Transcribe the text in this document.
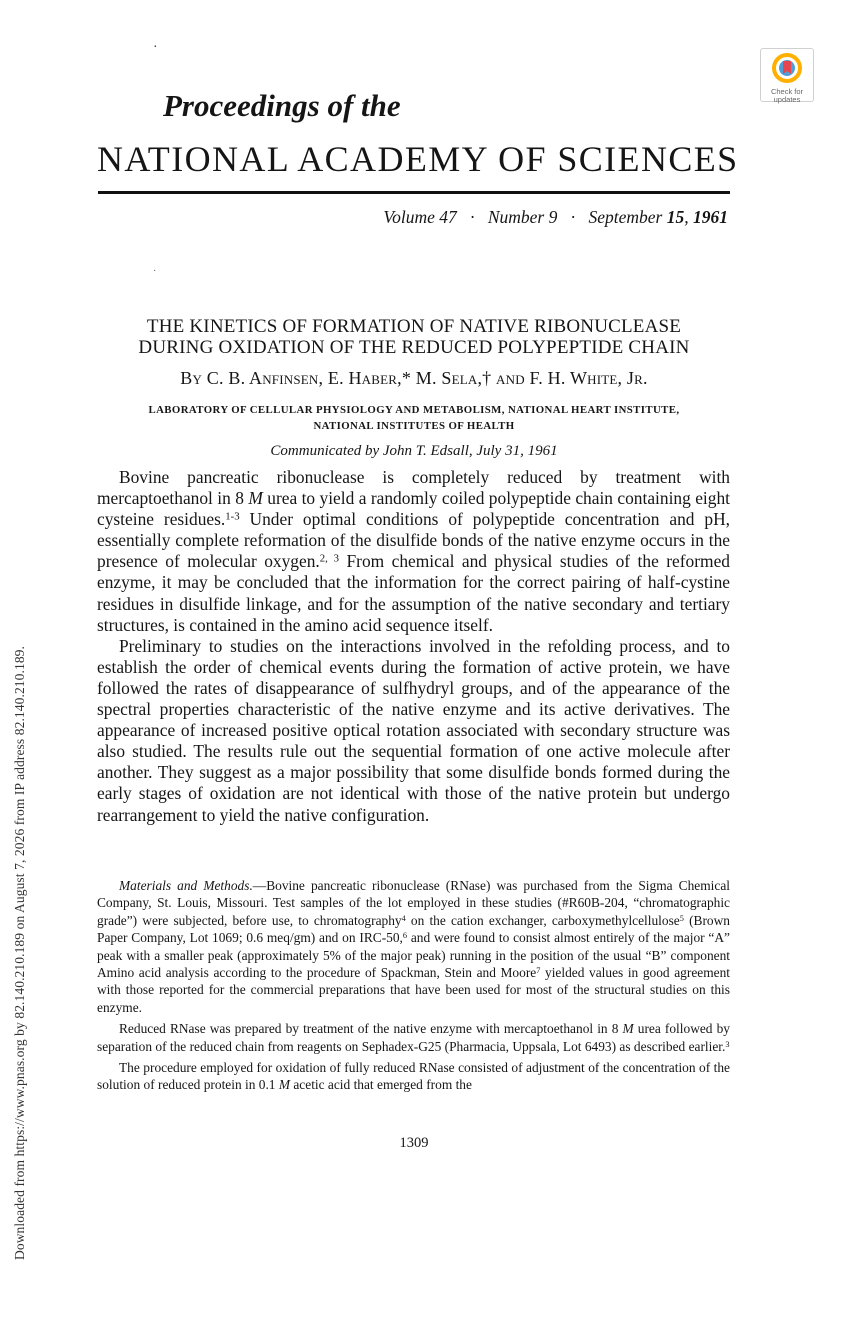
Downloaded from https://www.pnas.org by 82.140.210.189 on August 7, 2026 from IP address 82.140.210.189.
·
Check for
updates
Proceedings of the
NATIONAL ACADEMY OF SCIENCES
Volume 47 · Number 9 · September 15, 1961
·
THE KINETICS OF FORMATION OF NATIVE RIBONUCLEASE
DURING OXIDATION OF THE REDUCED POLYPEPTIDE CHAIN
By C. B. Anfinsen, E. Haber,* M. Sela,† and F. H. White, Jr.
LABORATORY OF CELLULAR PHYSIOLOGY AND METABOLISM, NATIONAL HEART INSTITUTE,
NATIONAL INSTITUTES OF HEALTH
Communicated by John T. Edsall, July 31, 1961

Bovine pancreatic ribonuclease is completely reduced by treatment with mercaptoethanol in 8 M urea to yield a randomly coiled polypeptide chain containing eight cysteine residues.$^{1-3}$ Under optimal conditions of polypeptide concentration and pH, essentially complete reformation of the disulfide bonds of the native enzyme occurs in the presence of molecular oxygen.$^{2, 3}$ From chemical and physical studies of the reformed enzyme, it may be concluded that the information for the correct pairing of half-cystine residues in disulfide linkage, and for the assumption of the native secondary and tertiary structures, is contained in the amino acid sequence itself.

Preliminary to studies on the interactions involved in the refolding process, and to establish the order of chemical events during the formation of active protein, we have followed the rates of disappearance of sulfhydryl groups, and of the appearance of the spectral properties characteristic of the native enzyme and its active derivatives. The appearance of increased positive optical rotation associated with secondary structure was also studied. The results rule out the sequential formation of one active molecule after another. They suggest as a major possibility that some disulfide bonds formed during the early stages of oxidation are not identical with those of the native protein but undergo rearrangement to yield the native configuration.

Materials and Methods.—Bovine pancreatic ribonuclease (RNase) was purchased from the Sigma Chemical Company, St. Louis, Missouri. Test samples of the lot employed in these studies (#R60B-204, “chromatographic grade”) were subjected, before use, to chromatography$^4$ on the cation exchanger, carboxymethylcellulose$^5$ (Brown Paper Company, Lot 1069; 0.6 meq/gm) and on IRC-50,$^6$ and were found to consist almost entirely of the major “A” peak with a smaller peak (approximately 5% of the major peak) running in the position of the usual “B” component Amino acid analysis according to the procedure of Spackman, Stein and Moore$^7$ yielded values in good agreement with those reported for the commercial preparations that have been used for most of the structural studies on this enzyme.

Reduced RNase was prepared by treatment of the native enzyme with mercaptoethanol in 8 M urea followed by separation of the reduced chain from reagents on Sephadex-G25 (Pharmacia, Uppsala, Lot 6493) as described earlier.$^3$

The procedure employed for oxidation of fully reduced RNase consisted of adjustment of the concentration of the solution of reduced protein in 0.1 M acetic acid that emerged from the

1309
